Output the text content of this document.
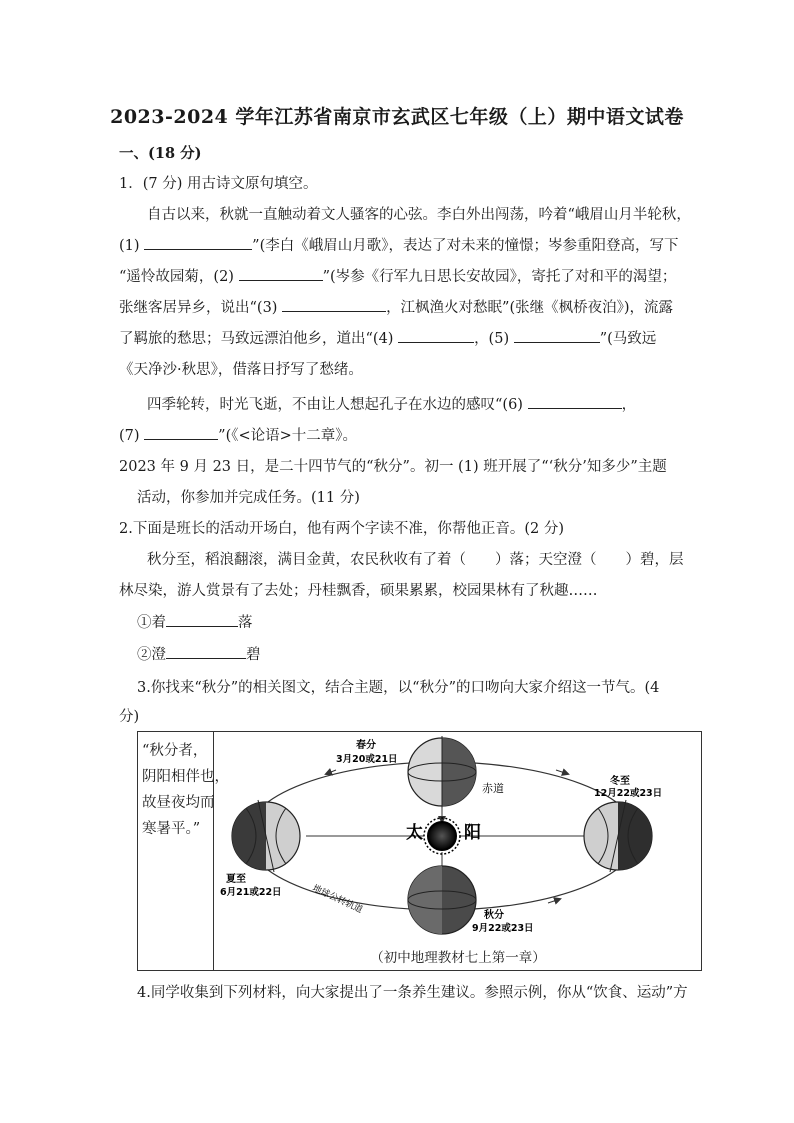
2023-2024 学年江苏省南京市玄武区七年级（上）期中语文试卷
一、(18 分)
1．(7 分) 用古诗文原句填空。
自古以来，秋就一直触动着文人骚客的心弦。李白外出闯荡，吟着“峨眉山月半轮秋，
(1)	”(李白《峨眉山月歌》，表达了对未来的憧憬；岑参重阳登高，写下
“遥怜故园菊，(2)	”(岑参《行军九日思长安故园》，寄托了对和平的渴望；
张继客居异乡，说出“(3)	，江枫渔火对愁眠”(张继《枫桥夜泊》)，流露
了羁旅的愁思；马致远漂泊他乡，道出“(4)	，(5)	”(马致远
《天净沙·秋思》，借落日抒写了愁绪。
四季轮转，时光飞逝，不由让人想起孔子在水边的感叹“(6)	，
(7)	”(《<论语>十二章》。
2023 年 9 月 23 日，是二十四节气的“秋分”。初一 (1) 班开展了“‘秋分’知多少”主题
活动，你参加并完成任务。(11 分)
2.下面是班长的活动开场白，他有两个字读不准，你帮他正音。(2 分)
秋分至，稻浪翻滚，满目金黄，农民秋收有了着（　　）落；天空澄（　　）碧，层
林尽染，游人赏景有了去处；丹桂飘香，硕果累累，校园果林有了秋趣……
①着	落
②澄	碧
3.你找来“秋分”的相关图文，结合主题，以“秋分”的口吻向大家介绍这一节气。(4
分)
“秋分者，
阴阳相伴也，
故昼夜均而
寒暑平。”	太 阳
春分
3月20或21日
赤道
夏至
6月21或22日	地球公转轨道	秋分
9月22或23日
冬至
12月22或23日
（初中地理教材七上第一章）
4.同学收集到下列材料，向大家提出了一条养生建议。参照示例，你从“饮食、运动”方
